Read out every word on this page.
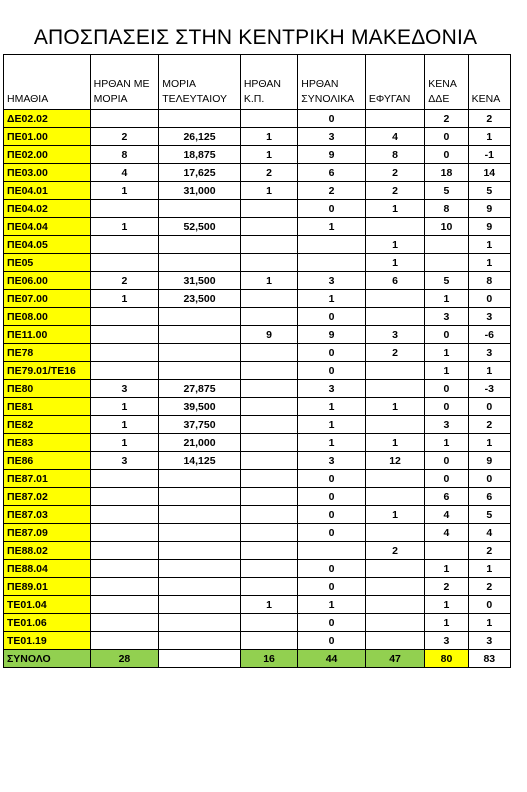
ΑΠΟΣΠΑΣΕΙΣ ΣΤΗΝ ΚΕΝΤΡΙΚΗ ΜΑΚΕΔΟΝΙΑ
ΗΜΑΘΙΑ	ΗΡΘΑΝ ΜΕ ΜΟΡΙΑ	ΜΟΡΙΑ ΤΕΛΕΥΤΑΙΟΥ	ΗΡΘΑΝ Κ.Π.	ΗΡΘΑΝ ΣΥΝΟΛΙΚΑ	ΕΦΥΓΑΝ	ΚΕΝΑ ΔΔΕ	ΚΕΝΑ
ΔΕ02.02				0		2	2
ΠΕ01.00	2	26,125	1	3	4	0	1
ΠΕ02.00	8	18,875	1	9	8	0	-1
ΠΕ03.00	4	17,625	2	6	2	18	14
ΠΕ04.01	1	31,000	1	2	2	5	5
ΠΕ04.02				0	1	8	9
ΠΕ04.04	1	52,500		1		10	9
ΠΕ04.05					1		1
ΠΕ05					1		1
ΠΕ06.00	2	31,500	1	3	6	5	8
ΠΕ07.00	1	23,500		1		1	0
ΠΕ08.00				0		3	3
ΠΕ11.00			9	9	3	0	-6
ΠΕ78				0	2	1	3
ΠΕ79.01/ΤΕ16				0		1	1
ΠΕ80	3	27,875		3		0	-3
ΠΕ81	1	39,500		1	1	0	0
ΠΕ82	1	37,750		1		3	2
ΠΕ83	1	21,000		1	1	1	1
ΠΕ86	3	14,125		3	12	0	9
ΠΕ87.01				0		0	0
ΠΕ87.02				0		6	6
ΠΕ87.03				0	1	4	5
ΠΕ87.09				0		4	4
ΠΕ88.02					2		2
ΠΕ88.04				0		1	1
ΠΕ89.01				0		2	2
ΤΕ01.04			1	1		1	0
ΤΕ01.06				0		1	1
ΤΕ01.19				0		3	3
ΣΥΝΟΛΟ	28		16	44	47	80	83
